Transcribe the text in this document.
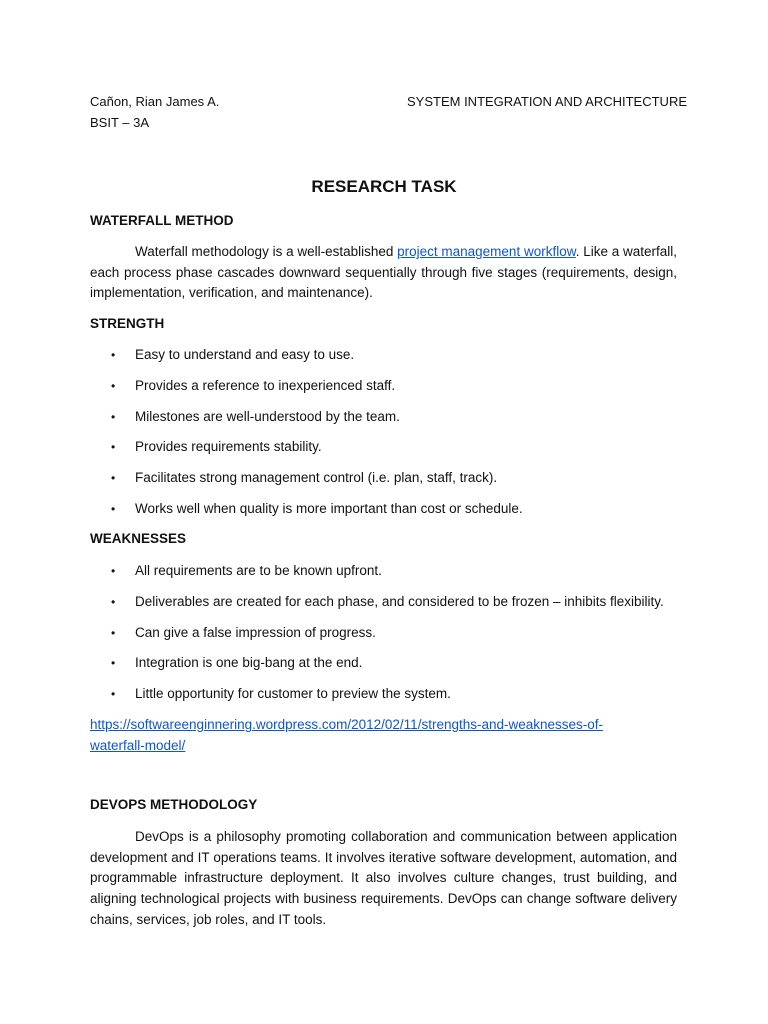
Cañon, Rian James A.
BSIT – 3A
SYSTEM INTEGRATION AND ARCHITECTURE
RESEARCH TASK
WATERFALL METHOD
Waterfall methodology is a well-established project management workflow. Like a waterfall, each process phase cascades downward sequentially through five stages (requirements, design, implementation, verification, and maintenance).
STRENGTH
• Easy to understand and easy to use.
• Provides a reference to inexperienced staff.
• Milestones are well-understood by the team.
• Provides requirements stability.
• Facilitates strong management control (i.e. plan, staff, track).
• Works well when quality is more important than cost or schedule.
WEAKNESSES
• All requirements are to be known upfront.
• Deliverables are created for each phase, and considered to be frozen – inhibits flexibility.
• Can give a false impression of progress.
• Integration is one big-bang at the end.
• Little opportunity for customer to preview the system.
https://softwareenginnering.wordpress.com/2012/02/11/strengths-and-weaknesses-of-
waterfall-model/
DEVOPS METHODOLOGY
DevOps is a philosophy promoting collaboration and communication between application development and IT operations teams. It involves iterative software development, automation, and programmable infrastructure deployment. It also involves culture changes, trust building, and aligning technological projects with business requirements. DevOps can change software delivery chains, services, job roles, and IT tools.
